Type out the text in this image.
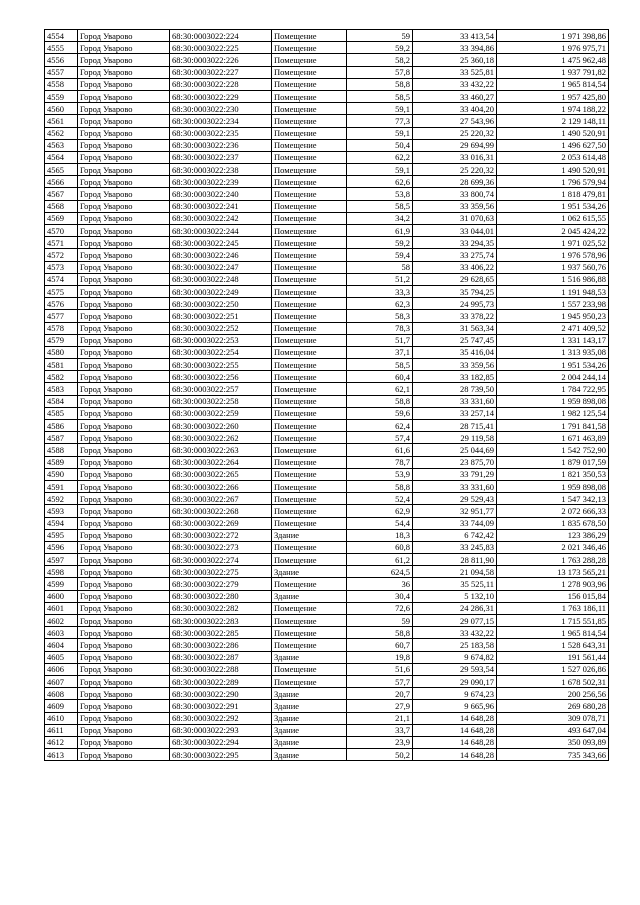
4554	Город Уварово	68:30:0003022:224	Помещение	59	33 413,54	1 971 398,86
4555	Город Уварово	68:30:0003022:225	Помещение	59,2	33 394,86	1 976 975,71
4556	Город Уварово	68:30:0003022:226	Помещение	58,2	25 360,18	1 475 962,48
4557	Город Уварово	68:30:0003022:227	Помещение	57,8	33 525,81	1 937 791,82
4558	Город Уварово	68:30:0003022:228	Помещение	58,8	33 432,22	1 965 814,54
4559	Город Уварово	68:30:0003022:229	Помещение	58,5	33 460,27	1 957 425,80
4560	Город Уварово	68:30:0003022:230	Помещение	59,1	33 404,20	1 974 188,22
4561	Город Уварово	68:30:0003022:234	Помещение	77,3	27 543,96	2 129 148,11
4562	Город Уварово	68:30:0003022:235	Помещение	59,1	25 220,32	1 490 520,91
4563	Город Уварово	68:30:0003022:236	Помещение	50,4	29 694,99	1 496 627,50
4564	Город Уварово	68:30:0003022:237	Помещение	62,2	33 016,31	2 053 614,48
4565	Город Уварово	68:30:0003022:238	Помещение	59,1	25 220,32	1 490 520,91
4566	Город Уварово	68:30:0003022:239	Помещение	62,6	28 699,36	1 796 579,94
4567	Город Уварово	68:30:0003022:240	Помещение	53,8	33 800,74	1 818 479,81
4568	Город Уварово	68:30:0003022:241	Помещение	58,5	33 359,56	1 951 534,26
4569	Город Уварово	68:30:0003022:242	Помещение	34,2	31 070,63	1 062 615,55
4570	Город Уварово	68:30:0003022:244	Помещение	61,9	33 044,01	2 045 424,22
4571	Город Уварово	68:30:0003022:245	Помещение	59,2	33 294,35	1 971 025,52
4572	Город Уварово	68:30:0003022:246	Помещение	59,4	33 275,74	1 976 578,96
4573	Город Уварово	68:30:0003022:247	Помещение	58	33 406,22	1 937 560,76
4574	Город Уварово	68:30:0003022:248	Помещение	51,2	29 628,65	1 516 986,88
4575	Город Уварово	68:30:0003022:249	Помещение	33,3	35 794,25	1 191 948,53
4576	Город Уварово	68:30:0003022:250	Помещение	62,3	24 995,73	1 557 233,98
4577	Город Уварово	68:30:0003022:251	Помещение	58,3	33 378,22	1 945 950,23
4578	Город Уварово	68:30:0003022:252	Помещение	78,3	31 563,34	2 471 409,52
4579	Город Уварово	68:30:0003022:253	Помещение	51,7	25 747,45	1 331 143,17
4580	Город Уварово	68:30:0003022:254	Помещение	37,1	35 416,04	1 313 935,08
4581	Город Уварово	68:30:0003022:255	Помещение	58,5	33 359,56	1 951 534,26
4582	Город Уварово	68:30:0003022:256	Помещение	60,4	33 182,85	2 004 244,14
4583	Город Уварово	68:30:0003022:257	Помещение	62,1	28 739,50	1 784 722,95
4584	Город Уварово	68:30:0003022:258	Помещение	58,8	33 331,60	1 959 898,08
4585	Город Уварово	68:30:0003022:259	Помещение	59,6	33 257,14	1 982 125,54
4586	Город Уварово	68:30:0003022:260	Помещение	62,4	28 715,41	1 791 841,58
4587	Город Уварово	68:30:0003022:262	Помещение	57,4	29 119,58	1 671 463,89
4588	Город Уварово	68:30:0003022:263	Помещение	61,6	25 044,69	1 542 752,90
4589	Город Уварово	68:30:0003022:264	Помещение	78,7	23 875,70	1 879 017,59
4590	Город Уварово	68:30:0003022:265	Помещение	53,9	33 791,29	1 821 350,53
4591	Город Уварово	68:30:0003022:266	Помещение	58,8	33 331,60	1 959 898,08
4592	Город Уварово	68:30:0003022:267	Помещение	52,4	29 529,43	1 547 342,13
4593	Город Уварово	68:30:0003022:268	Помещение	62,9	32 951,77	2 072 666,33
4594	Город Уварово	68:30:0003022:269	Помещение	54,4	33 744,09	1 835 678,50
4595	Город Уварово	68:30:0003022:272	Здание	18,3	6 742,42	123 386,29
4596	Город Уварово	68:30:0003022:273	Помещение	60,8	33 245,83	2 021 346,46
4597	Город Уварово	68:30:0003022:274	Помещение	61,2	28 811,90	1 763 288,28
4598	Город Уварово	68:30:0003022:275	Здание	624,5	21 094,58	13 173 565,21
4599	Город Уварово	68:30:0003022:279	Помещение	36	35 525,11	1 278 903,96
4600	Город Уварово	68:30:0003022:280	Здание	30,4	5 132,10	156 015,84
4601	Город Уварово	68:30:0003022:282	Помещение	72,6	24 286,31	1 763 186,11
4602	Город Уварово	68:30:0003022:283	Помещение	59	29 077,15	1 715 551,85
4603	Город Уварово	68:30:0003022:285	Помещение	58,8	33 432,22	1 965 814,54
4604	Город Уварово	68:30:0003022:286	Помещение	60,7	25 183,58	1 528 643,31
4605	Город Уварово	68:30:0003022:287	Здание	19,8	9 674,82	191 561,44
4606	Город Уварово	68:30:0003022:288	Помещение	51,6	29 593,54	1 527 026,86
4607	Город Уварово	68:30:0003022:289	Помещение	57,7	29 090,17	1 678 502,31
4608	Город Уварово	68:30:0003022:290	Здание	20,7	9 674,23	200 256,56
4609	Город Уварово	68:30:0003022:291	Здание	27,9	9 665,96	269 680,28
4610	Город Уварово	68:30:0003022:292	Здание	21,1	14 648,28	309 078,71
4611	Город Уварово	68:30:0003022:293	Здание	33,7	14 648,28	493 647,04
4612	Город Уварово	68:30:0003022:294	Здание	23,9	14 648,28	350 093,89
4613	Город Уварово	68:30:0003022:295	Здание	50,2	14 648,28	735 343,66
